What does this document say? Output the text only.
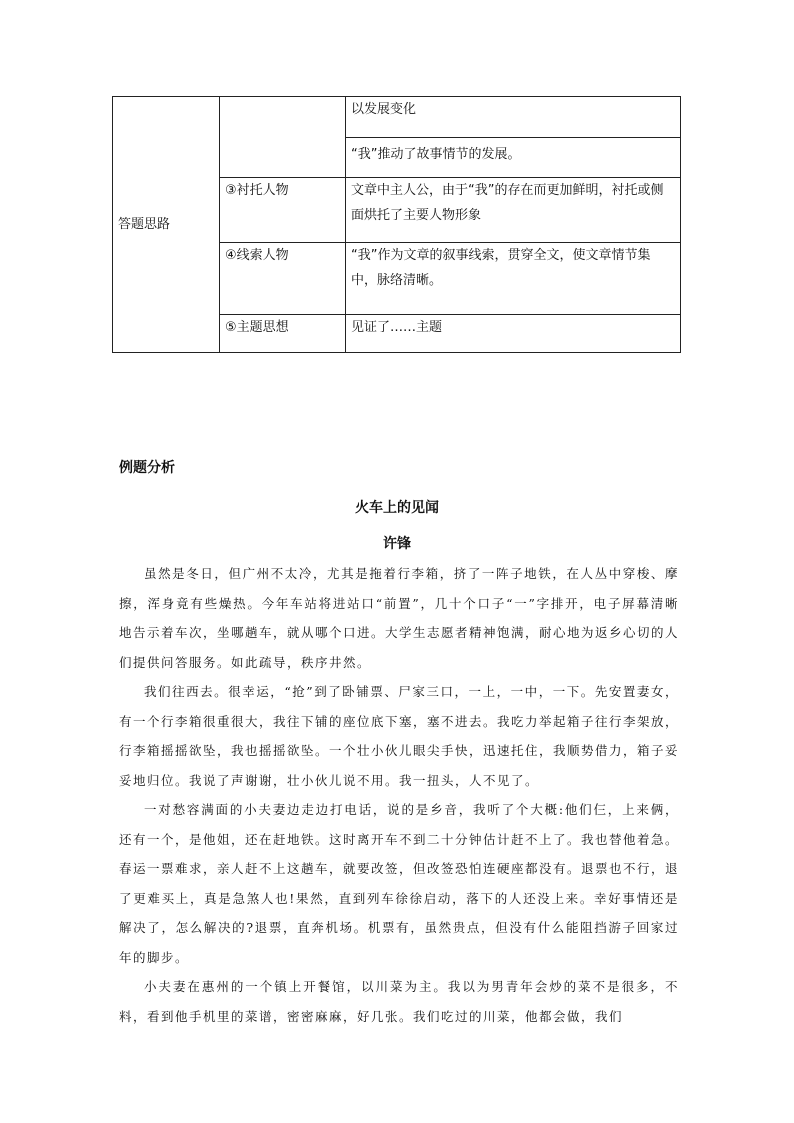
答题思路		以发展变化
		“我”推动了故事情节的发展。
	③衬托人物	文章中主人公，由于“我”的存在而更加鲜明，衬托或侧面烘托了主要人物形象
	④线索人物	“我”作为文章的叙事线索，贯穿全文，使文章情节集中，脉络清晰。
	⑤主题思想	见证了……主题
例题分析
火车上的见闻
许锋

虽然是冬日，但广州不太冷，尤其是拖着行李箱，挤了一阵子地铁，在人丛中穿梭、摩擦，浑身竟有些燥热。今年车站将进站口“前置”，几十个口子“一”字排开，电子屏幕清晰地告示着车次，坐哪趟车，就从哪个口进。大学生志愿者精神饱满，耐心地为返乡心切的人们提供问答服务。如此疏导，秩序井然。

我们往西去。很幸运，“抢”到了卧铺票、尸家三口，一上，一中，一下。先安置妻女，有一个行李箱很重很大，我往下铺的座位底下塞，塞不进去。我吃力举起箱子往行李架放，行李箱摇摇欲坠，我也摇摇欲坠。一个壮小伙儿眼尖手快，迅速托住，我顺势借力，箱子妥妥地归位。我说了声谢谢，壮小伙儿说不用。我一扭头，人不见了。

一对愁容满面的小夫妻边走边打电话，说的是乡音，我听了个大概:他们仨，上来俩，还有一个，是他姐，还在赶地铁。这时离开车不到二十分钟估计赶不上了。我也替他着急。春运一票难求，亲人赶不上这趟车，就要改签，但改签恐怕连硬座都没有。退票也不行，退了更难买上，真是急煞人也!果然，直到列车徐徐启动，落下的人还没上来。幸好事情还是解决了，怎么解决的?退票，直奔机场。机票有，虽然贵点，但没有什么能阻挡游子回家过年的脚步。

小夫妻在惠州的一个镇上开餐馆，以川菜为主。我以为男青年会炒的菜不是很多，不料，看到他手机里的菜谱，密密麻麻，好几张。我们吃过的川菜，他都会做，我们
